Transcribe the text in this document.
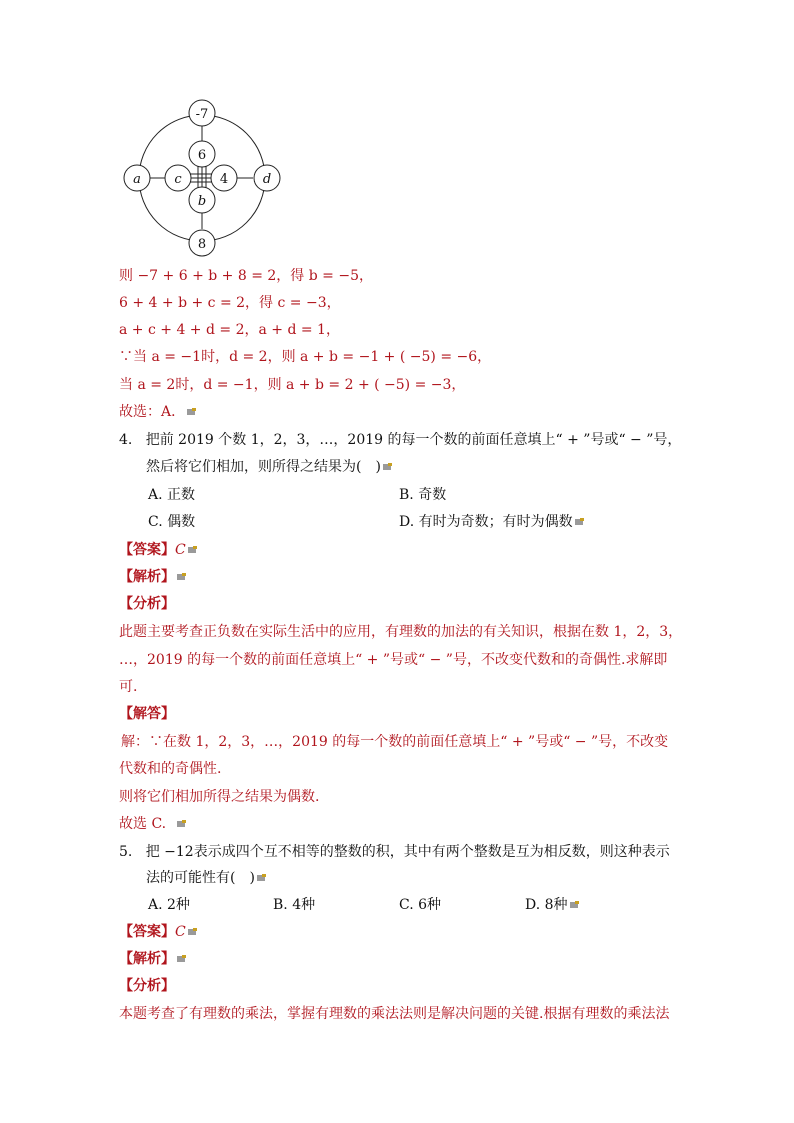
-7
6
a	c	4	d
b
8
则 −7 + 6 + b + 8 = 2，得 b = −5，
6 + 4 + b + c = 2，得 c = −3，
a + c + 4 + d = 2，a + d = 1，
∵当 a = −1时，d = 2，则 a + b = −1 + ( −5) = −6，
当 a = 2时，d = −1，则 a + b = 2 + ( −5) = −3，
故选：A．
4. 把前 2019 个数 1，2，3，…，2019 的每一个数的前面任意填上“ + ”号或“ − ”号，
然后将它们相加，则所得之结果为(　)
A. 正数	B. 奇数
C. 偶数	D. 有时为奇数；有时为偶数
【答案】C
【解析】
【分析】
此题主要考查正负数在实际生活中的应用，有理数的加法的有关知识，根据在数 1，2，3，
…，2019 的每一个数的前面任意填上“ + ”号或“ − ”号，不改变代数和的奇偶性.求解即
可.
【解答】
解：∵在数 1，2，3，…，2019 的每一个数的前面任意填上“ + ”号或“ − ”号，不改变
代数和的奇偶性.
则将它们相加所得之结果为偶数.
故选 C.
5. 把 −12表示成四个互不相等的整数的积，其中有两个整数是互为相反数，则这种表示
法的可能性有(　)
A. 2种	B. 4种	C. 6种	D. 8种
【答案】C
【解析】
【分析】
本题考查了有理数的乘法，掌握有理数的乘法法则是解决问题的关键.根据有理数的乘法法
